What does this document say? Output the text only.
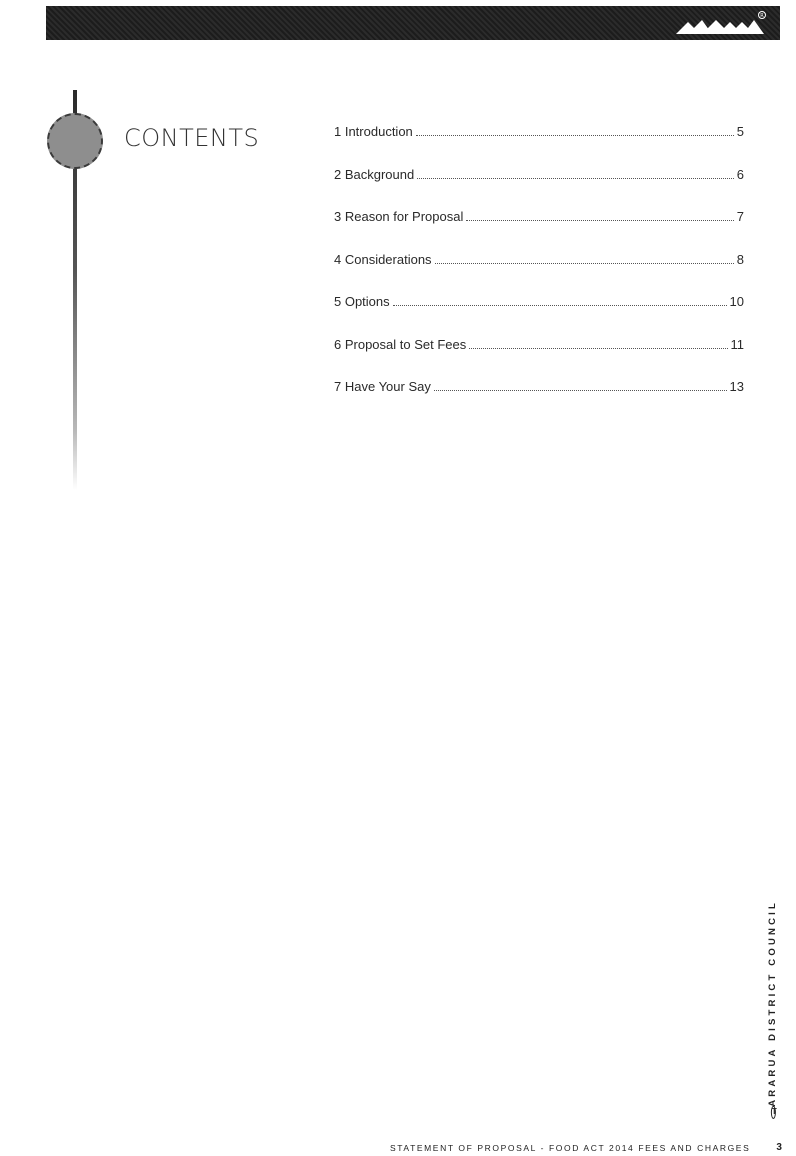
R
CONTENTS	1 Introduction	5
2 Background	6
3 Reason for Proposal	7
4 Considerations	8
5 Options	10
6 Proposal to Set Fees	11
7 Have Your Say	13
T
ARARUA DISTRICT COUNCIL
STATEMENT OF PROPOSAL - FOOD ACT 2014 FEES AND CHARGES	3
